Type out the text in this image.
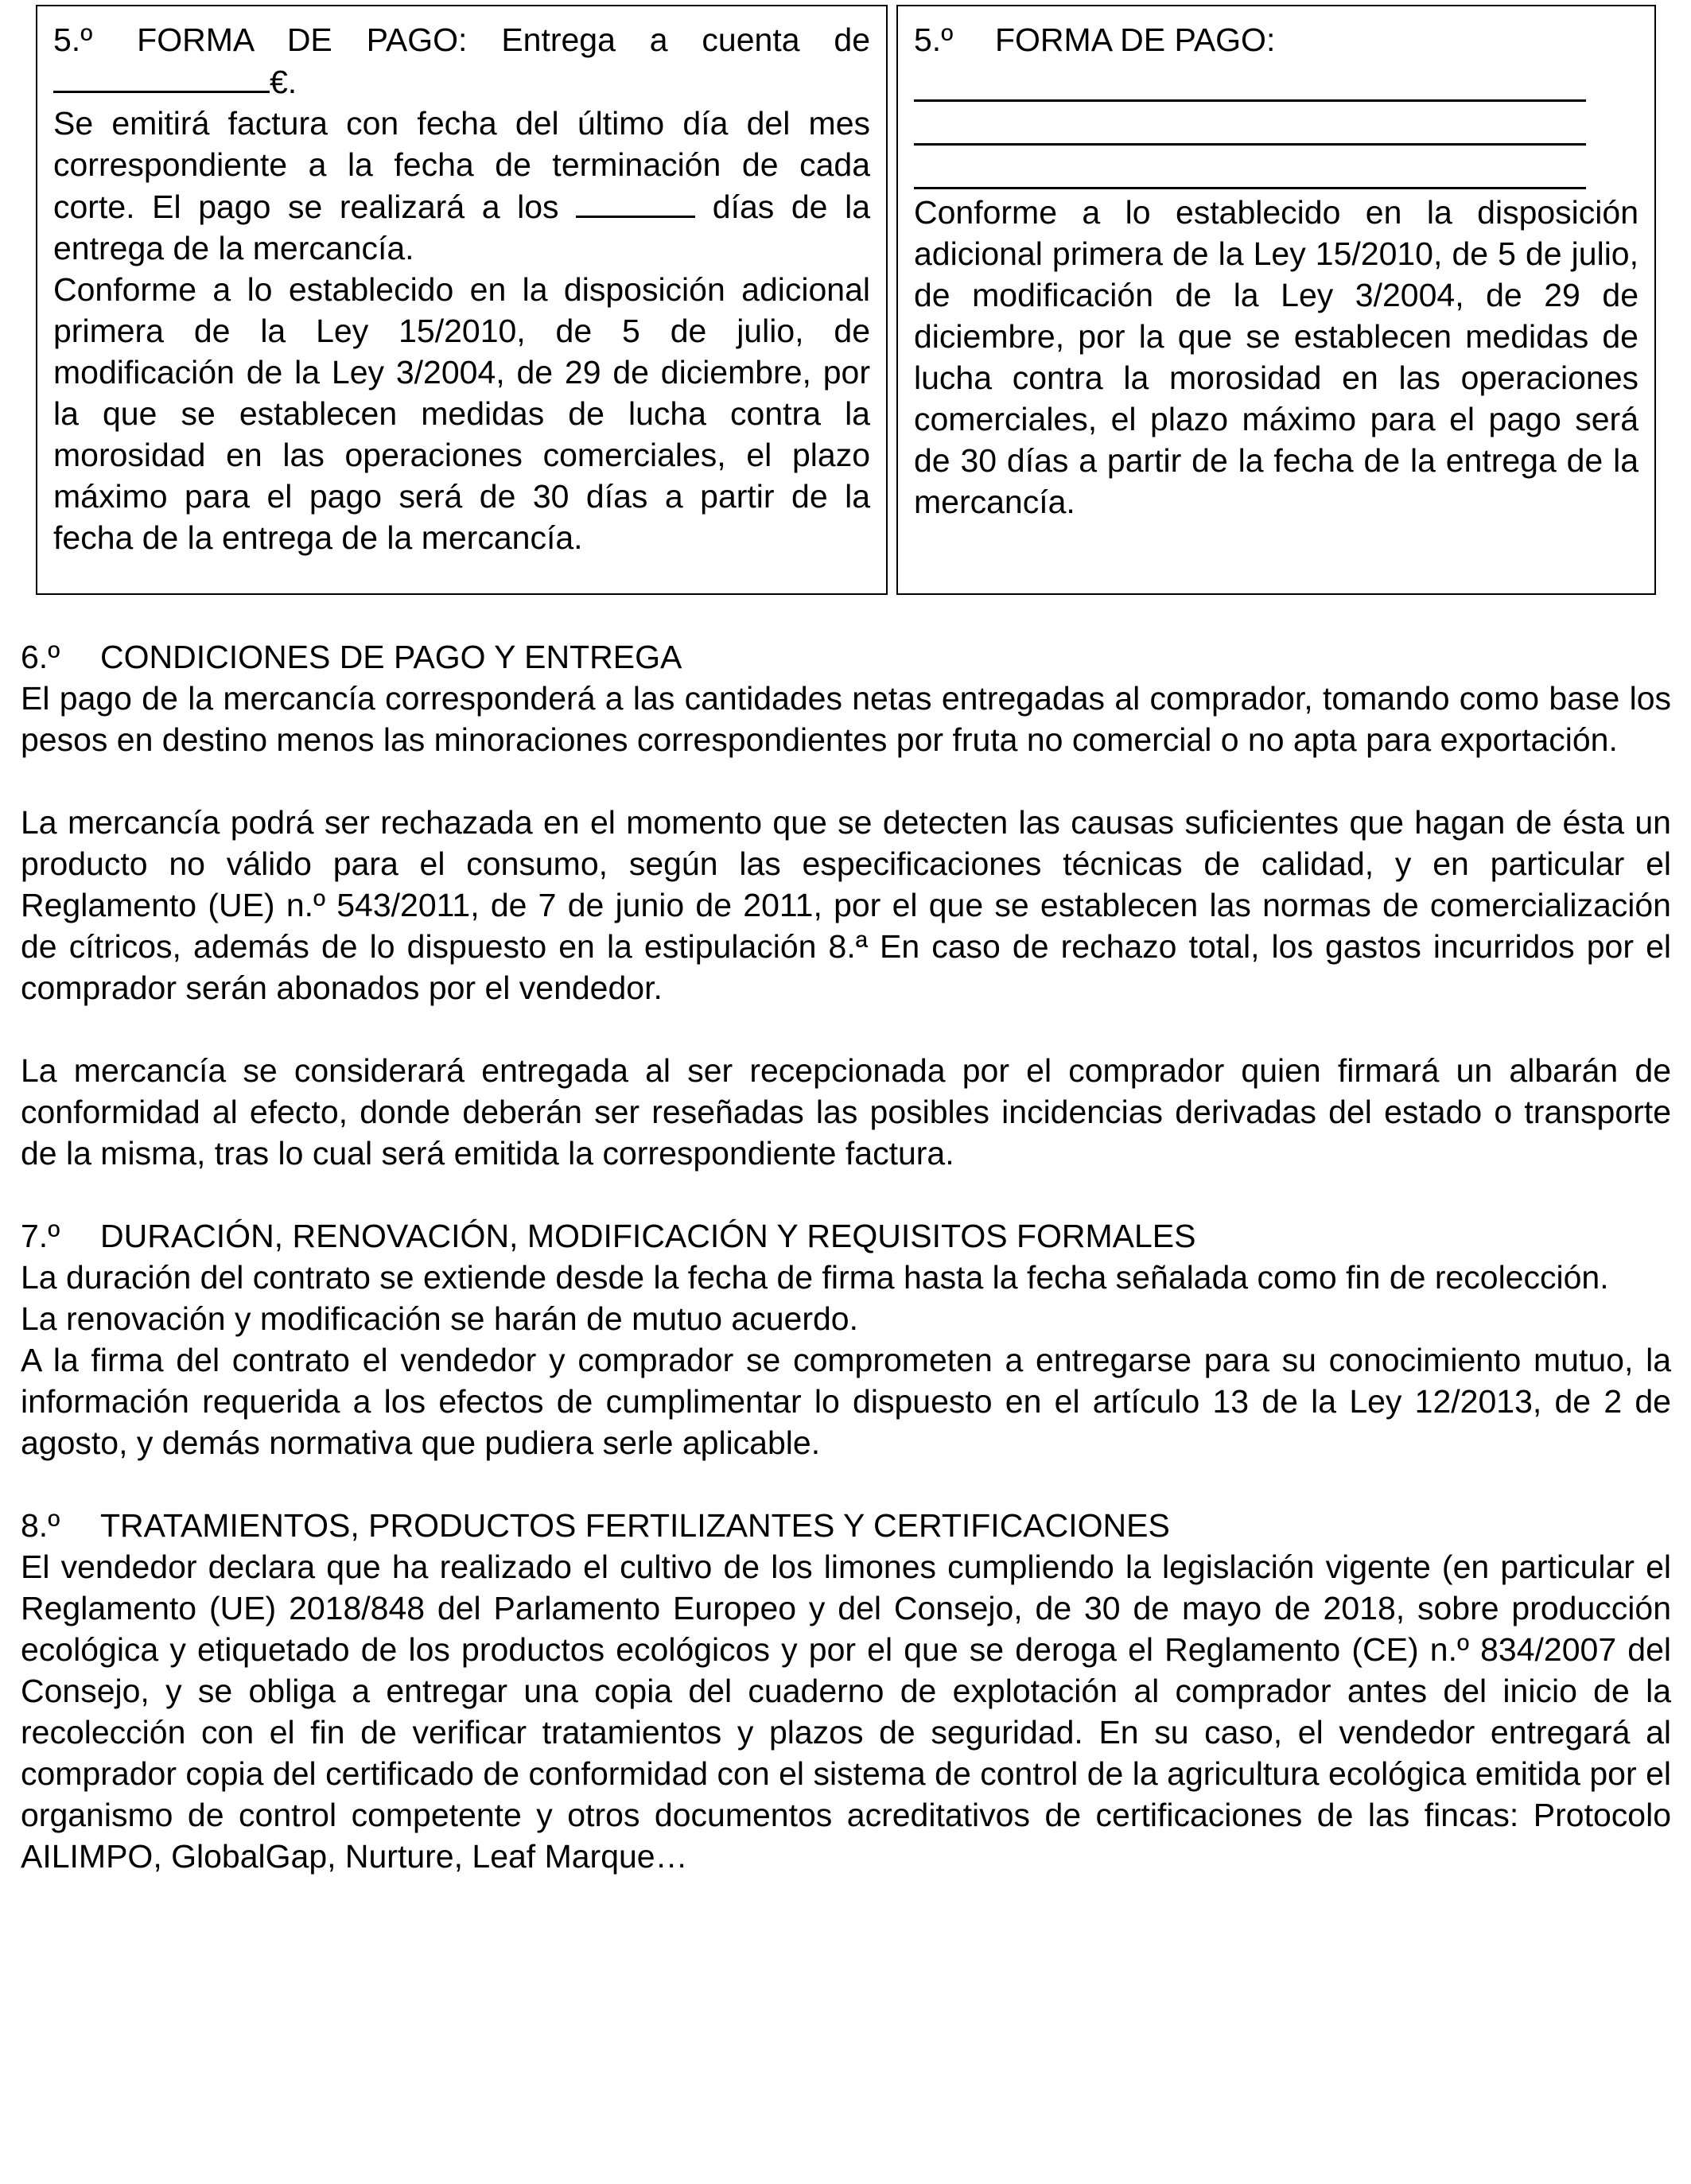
5.º	FORMA DE PAGO: Entrega a cuenta de

€.

Se emitirá factura con fecha del último día del mes correspondiente a la fecha de terminación de cada corte. El pago se realizará a los	días de la entrega de la mercancía.

Conforme a lo establecido en la disposición adicional primera de la Ley 15/2010, de 5 de julio, de modificación de la Ley 3/2004, de 29 de diciembre, por la que se establecen medidas de lucha contra la morosidad en las operaciones comerciales, el plazo máximo para el pago será de 30 días a partir de la fecha de la entrega de la mercancía.

5.º	FORMA DE PAGO:

Conforme a lo establecido en la disposición adicional primera de la Ley 15/2010, de 5 de julio, de modificación de la Ley 3/2004, de 29 de diciembre, por la que se establecen medidas de lucha contra la morosidad en las operaciones comerciales, el plazo máximo para el pago será de 30 días a partir de la fecha de la entrega de la mercancía.

6.º	CONDICIONES DE PAGO Y ENTREGA

El pago de la mercancía corresponderá a las cantidades netas entregadas al comprador, tomando como base los pesos en destino menos las minoraciones correspondientes por fruta no comercial o no apta para exportación.

La mercancía podrá ser rechazada en el momento que se detecten las causas suficientes que hagan de ésta un producto no válido para el consumo, según las especificaciones técnicas de calidad, y en particular el Reglamento (UE) n.º 543/2011, de 7 de junio de 2011, por el que se establecen las normas de comercialización de cítricos, además de lo dispuesto en la estipulación 8.ª En caso de rechazo total, los gastos incurridos por el comprador serán abonados por el vendedor.

La mercancía se considerará entregada al ser recepcionada por el comprador quien firmará un albarán de conformidad al efecto, donde deberán ser reseñadas las posibles incidencias derivadas del estado o transporte de la misma, tras lo cual será emitida la correspondiente factura.

7.º	DURACIÓN, RENOVACIÓN, MODIFICACIÓN Y REQUISITOS FORMALES

La duración del contrato se extiende desde la fecha de firma hasta la fecha señalada como fin de recolección.

La renovación y modificación se harán de mutuo acuerdo.

A la firma del contrato el vendedor y comprador se comprometen a entregarse para su conocimiento mutuo, la información requerida a los efectos de cumplimentar lo dispuesto en el artículo 13 de la Ley 12/2013, de 2 de agosto, y demás normativa que pudiera serle aplicable.

8.º	TRATAMIENTOS, PRODUCTOS FERTILIZANTES Y CERTIFICACIONES

El vendedor declara que ha realizado el cultivo de los limones cumpliendo la legislación vigente (en particular el Reglamento (UE) 2018/848 del Parlamento Europeo y del Consejo, de 30 de mayo de 2018, sobre producción ecológica y etiquetado de los productos ecológicos y por el que se deroga el Reglamento (CE) n.º 834/2007 del Consejo, y se obliga a entregar una copia del cuaderno de explotación al comprador antes del inicio de la recolección con el fin de verificar tratamientos y plazos de seguridad. En su caso, el vendedor entregará al comprador copia del certificado de conformidad con el sistema de control de la agricultura ecológica emitida por el organismo de control competente y otros documentos acreditativos de certificaciones de las fincas: Protocolo AILIMPO, GlobalGap, Nurture, Leaf Marque…
